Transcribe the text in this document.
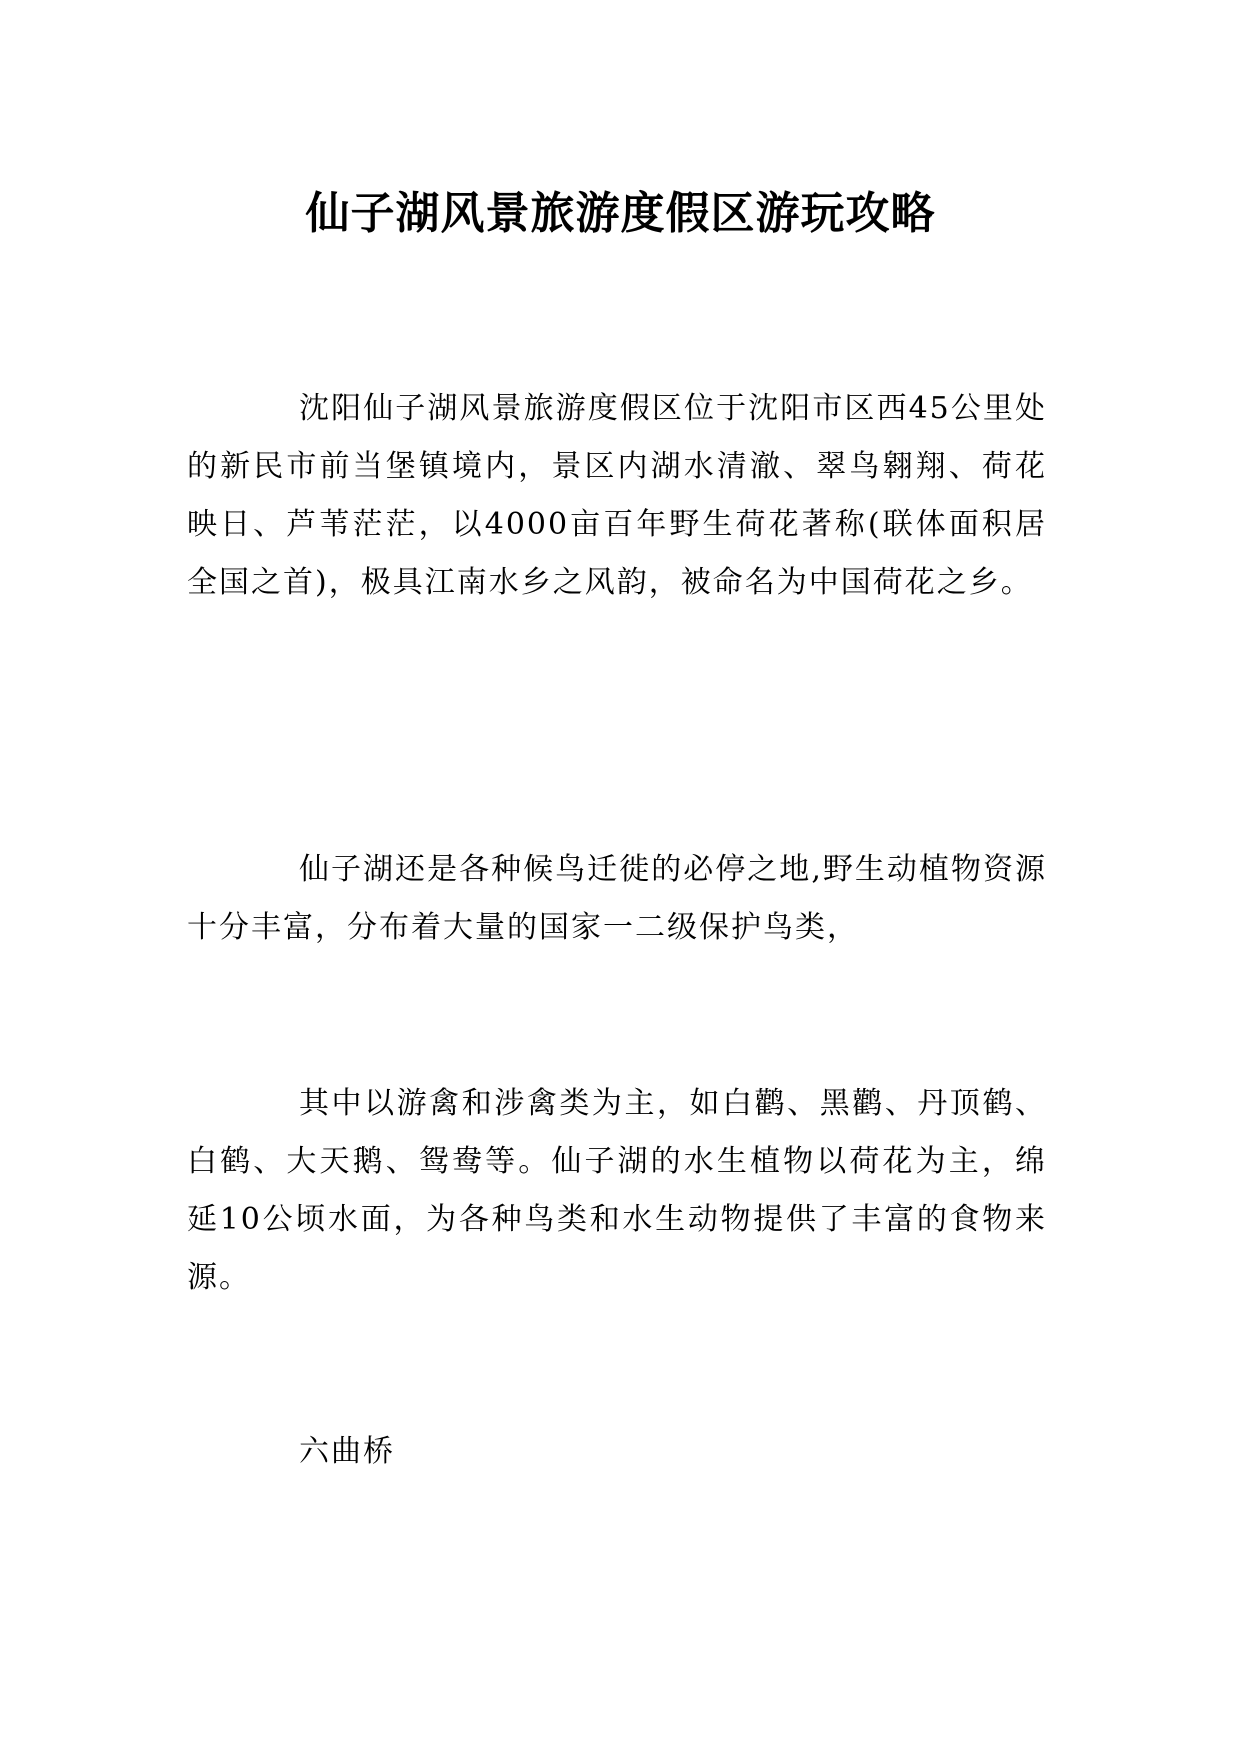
仙子湖风景旅游度假区游玩攻略

沈阳仙子湖风景旅游度假区位于沈阳市区西45公里处的新民市前当堡镇境内，景区内湖水清澈、翠鸟翱翔、荷花映日、芦苇茫茫，以4000亩百年野生荷花著称(联体面积居全国之首)，极具江南水乡之风韵，被命名为中国荷花之乡。

仙子湖还是各种候鸟迁徙的必停之地,野生动植物资源十分丰富，分布着大量的国家一二级保护鸟类，

其中以游禽和涉禽类为主，如白鹳、黑鹳、丹顶鹤、白鹤、大天鹅、鸳鸯等。仙子湖的水生植物以荷花为主，绵延10公顷水面，为各种鸟类和水生动物提供了丰富的食物来源。

六曲桥
